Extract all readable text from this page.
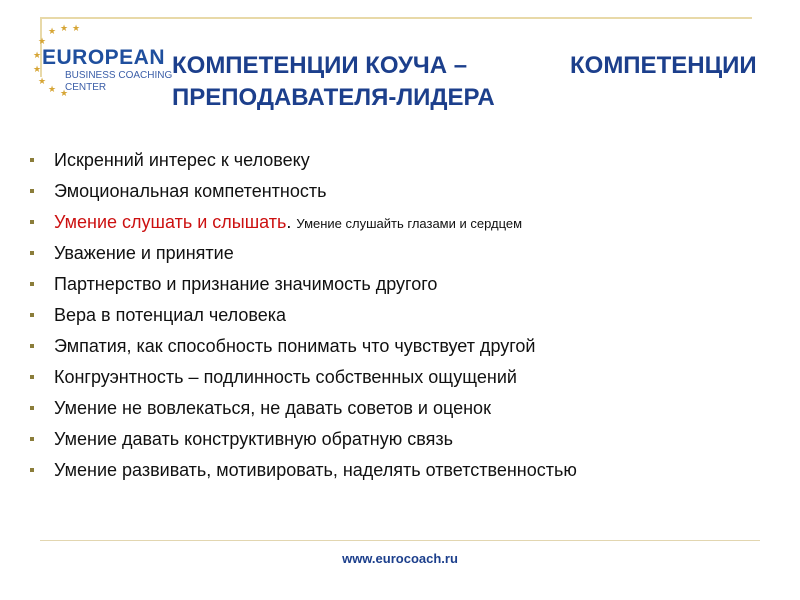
★ ★ ★
★
★
★
★
★ ★
EUROPEAN
BUSINESS COACHING
CENTER
КОМПЕТЕНЦИИ КОУЧА –	КОМПЕТЕНЦИИ
ПРЕПОДАВАТЕЛЯ-ЛИДЕРА
Искренний интерес к человеку
Эмоциональная компетентность
Умение слушать и слышать. Умение слушайть глазами и сердцем
Уважение и принятие
Партнерство и признание значимость другого
Вера в потенциал человека
Эмпатия, как способность понимать что чувствует другой
Конгруэнтность – подлинность собственных ощущений
Умение не вовлекаться, не давать советов и оценок
Умение давать конструктивную обратную связь
Умение развивать, мотивировать, наделять ответственностью
www.eurocoach.ru
